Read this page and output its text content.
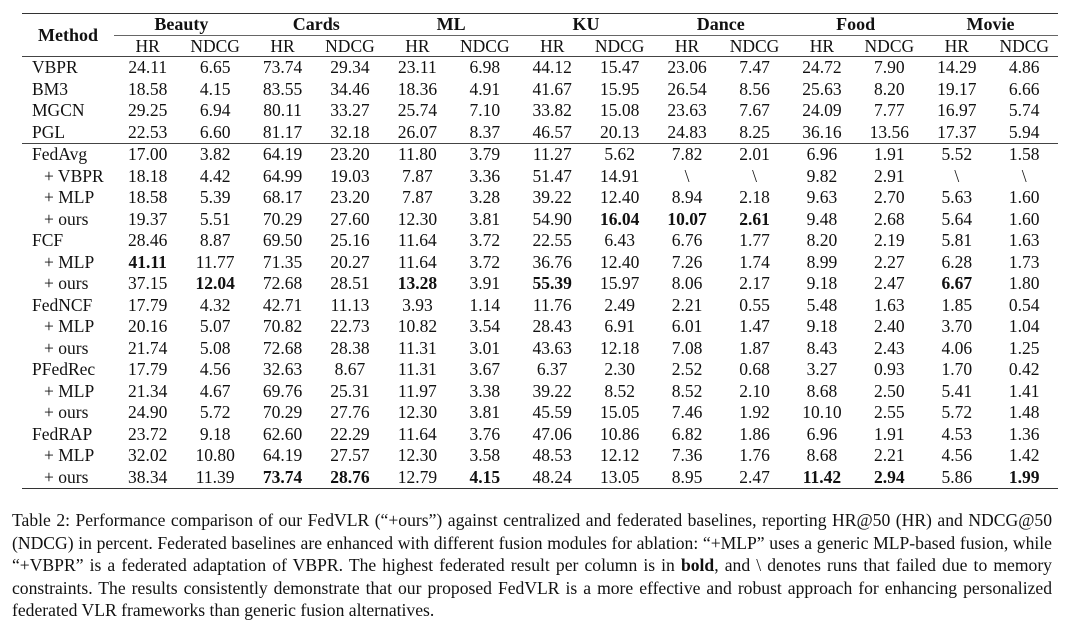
Method	Beauty		Cards		ML		KU		Dance		Food		Movie	
	HR	NDCG	HR	NDCG	HR	NDCG	HR	NDCG	HR	NDCG	HR	NDCG	HR	NDCG
VBPR	24.11	6.65	73.74	29.34	23.11	6.98	44.12	15.47	23.06	7.47	24.72	7.90	14.29	4.86
BM3	18.58	4.15	83.55	34.46	18.36	4.91	41.67	15.95	26.54	8.56	25.63	8.20	19.17	6.66
MGCN	29.25	6.94	80.11	33.27	25.74	7.10	33.82	15.08	23.63	7.67	24.09	7.77	16.97	5.74
PGL	22.53	6.60	81.17	32.18	26.07	8.37	46.57	20.13	24.83	8.25	36.16	13.56	17.37	5.94
FedAvg	17.00	3.82	64.19	23.20	11.80	3.79	11.27	5.62	7.82	2.01	6.96	1.91	5.52	1.58
+ VBPR	18.18	4.42	64.99	19.03	7.87	3.36	51.47	14.91	\	\	9.82	2.91	\	\
+ MLP	18.58	5.39	68.17	23.20	7.87	3.28	39.22	12.40	8.94	2.18	9.63	2.70	5.63	1.60
+ ours	19.37	5.51	70.29	27.60	12.30	3.81	54.90	16.04	10.07	2.61	9.48	2.68	5.64	1.60
FCF	28.46	8.87	69.50	25.16	11.64	3.72	22.55	6.43	6.76	1.77	8.20	2.19	5.81	1.63
+ MLP	41.11	11.77	71.35	20.27	11.64	3.72	36.76	12.40	7.26	1.74	8.99	2.27	6.28	1.73
+ ours	37.15	12.04	72.68	28.51	13.28	3.91	55.39	15.97	8.06	2.17	9.18	2.47	6.67	1.80
FedNCF	17.79	4.32	42.71	11.13	3.93	1.14	11.76	2.49	2.21	0.55	5.48	1.63	1.85	0.54
+ MLP	20.16	5.07	70.82	22.73	10.82	3.54	28.43	6.91	6.01	1.47	9.18	2.40	3.70	1.04
+ ours	21.74	5.08	72.68	28.38	11.31	3.01	43.63	12.18	7.08	1.87	8.43	2.43	4.06	1.25
PFedRec	17.79	4.56	32.63	8.67	11.31	3.67	6.37	2.30	2.52	0.68	3.27	0.93	1.70	0.42
+ MLP	21.34	4.67	69.76	25.31	11.97	3.38	39.22	8.52	8.52	2.10	8.68	2.50	5.41	1.41
+ ours	24.90	5.72	70.29	27.76	12.30	3.81	45.59	15.05	7.46	1.92	10.10	2.55	5.72	1.48
FedRAP	23.72	9.18	62.60	22.29	11.64	3.76	47.06	10.86	6.82	1.86	6.96	1.91	4.53	1.36
+ MLP	32.02	10.80	64.19	27.57	12.30	3.58	48.53	12.12	7.36	1.76	8.68	2.21	4.56	1.42
+ ours	38.34	11.39	73.74	28.76	12.79	4.15	48.24	13.05	8.95	2.47	11.42	2.94	5.86	1.99

Table 2: Performance comparison of our FedVLR (“+ours”) against centralized and federated baselines, reporting HR@50 (HR) and NDCG@50 (NDCG) in percent. Federated baselines are enhanced with different fusion modules for ablation: “+MLP” uses a generic MLP-based fusion, while “+VBPR” is a federated adaptation of VBPR. The highest federated result per column is in bold, and \ denotes runs that failed due to memory constraints. The results consistently demonstrate that our proposed FedVLR is a more effective and robust approach for enhancing personalized federated VLR frameworks than generic fusion alternatives.
